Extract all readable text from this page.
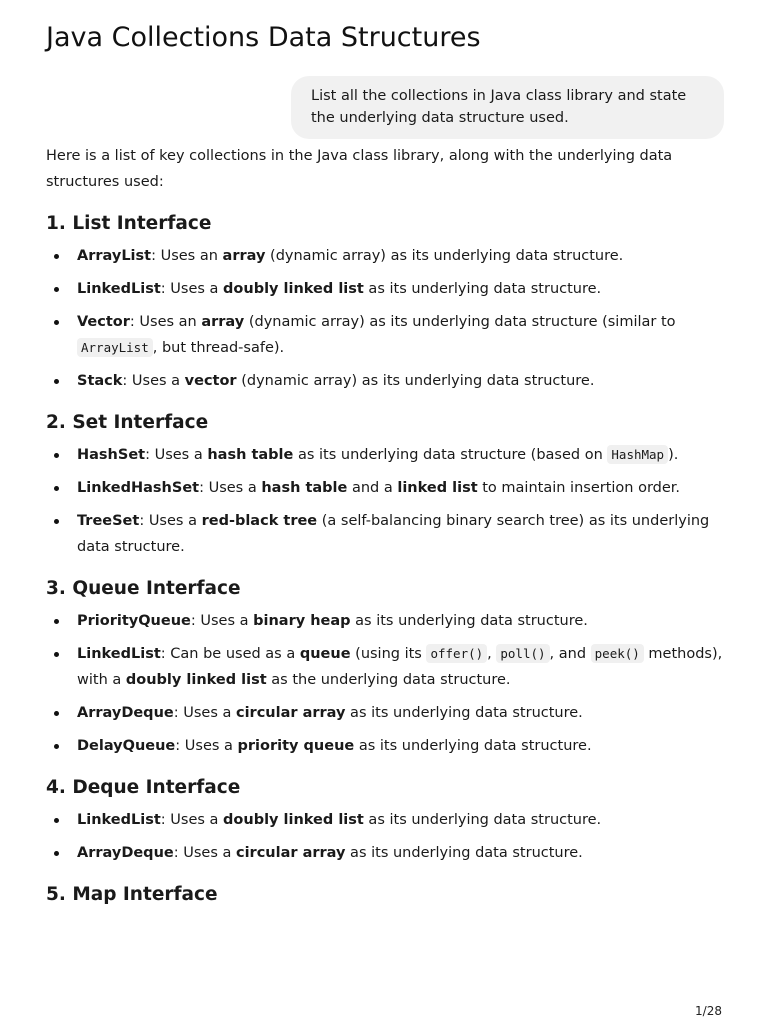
Java Collections Data Structures
List all the collections in Java class library and state the underlying data structure used.

Here is a list of key collections in the Java class library, along with the underlying data structures used:

1. List Interface
ArrayList: Uses an array (dynamic array) as its underlying data structure.
LinkedList: Uses a doubly linked list as its underlying data structure.
Vector: Uses an array (dynamic array) as its underlying data structure (similar to ArrayList , but thread-safe).
Stack: Uses a vector (dynamic array) as its underlying data structure.
2. Set Interface
HashSet: Uses a hash table as its underlying data structure (based on HashMap ).
LinkedHashSet: Uses a hash table and a linked list to maintain insertion order.
TreeSet: Uses a red-black tree (a self-balancing binary search tree) as its underlying data structure.
3. Queue Interface
PriorityQueue: Uses a binary heap as its underlying data structure.
LinkedList: Can be used as a queue (using its offer() , poll() , and peek() methods), with a doubly linked list as the underlying data structure.
ArrayDeque: Uses a circular array as its underlying data structure.
DelayQueue: Uses a priority queue as its underlying data structure.
4. Deque Interface
LinkedList: Uses a doubly linked list as its underlying data structure.
ArrayDeque: Uses a circular array as its underlying data structure.
5. Map Interface
1/28
